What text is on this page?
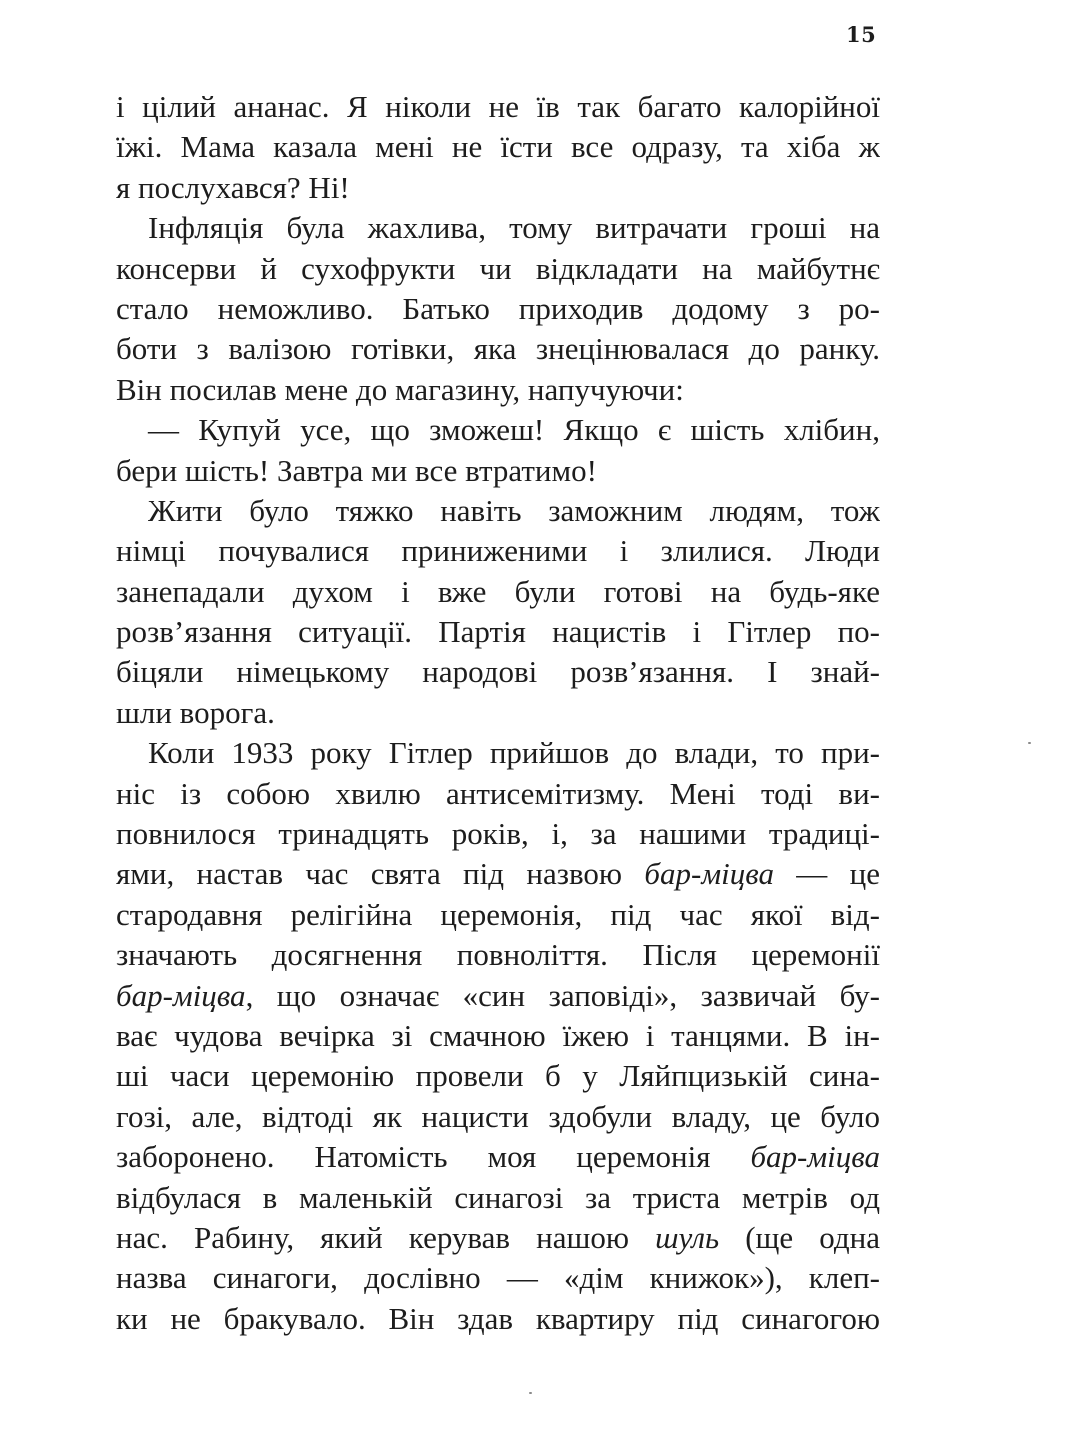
15
і цілий ананас. Я ніколи не їв так багато калорійної
їжі. Мама казала мені не їсти все одразу, та хіба ж
я послухався? Ні!
Інфляція була жахлива, тому витрачати гроші на
консерви й сухофрукти чи відкладати на майбутнє
стало неможливо. Батько приходив додому з ро-
боти з валізою готівки, яка знецінювалася до ранку.
Він посилав мене до магазину, напучуючи:
— Купуй усе, що зможеш! Якщо є шість хлібин,
бери шість! Завтра ми все втратимо!
Жити було тяжко навіть заможним людям, тож
німці почувалися приниженими і злилися. Люди
занепадали духом і вже були готові на будь-яке
розв’язання ситуації. Партія нацистів і Гітлер по-
біцяли німецькому народові розв’язання. І знай-
шли ворога.
Коли 1933 року Гітлер прийшов до влади, то при-
ніс із собою хвилю антисемітизму. Мені тоді ви-
повнилося тринадцять років, і, за нашими традиці-
ями, настав час свята під назвою бар-міцва — це
стародавня релігійна церемонія, під час якої від-
значають досягнення повноліття. Після церемонії
бар-міцва, що означає «син заповіді», зазвичай бу-
ває чудова вечірка зі смачною їжею і танцями. В ін-
ші часи церемонію провели б у Ляйпцизькій сина-
гозі, але, відтоді як нацисти здобули владу, це було
заборонено. Натомість моя церемонія бар-міцва
відбулася в маленькій синагозі за триста метрів од
нас. Рабину, який керував нашою шуль (ще одна
назва синагоги, дослівно — «дім книжок»), клеп-
ки не бракувало. Він здав квартиру під синагогою
